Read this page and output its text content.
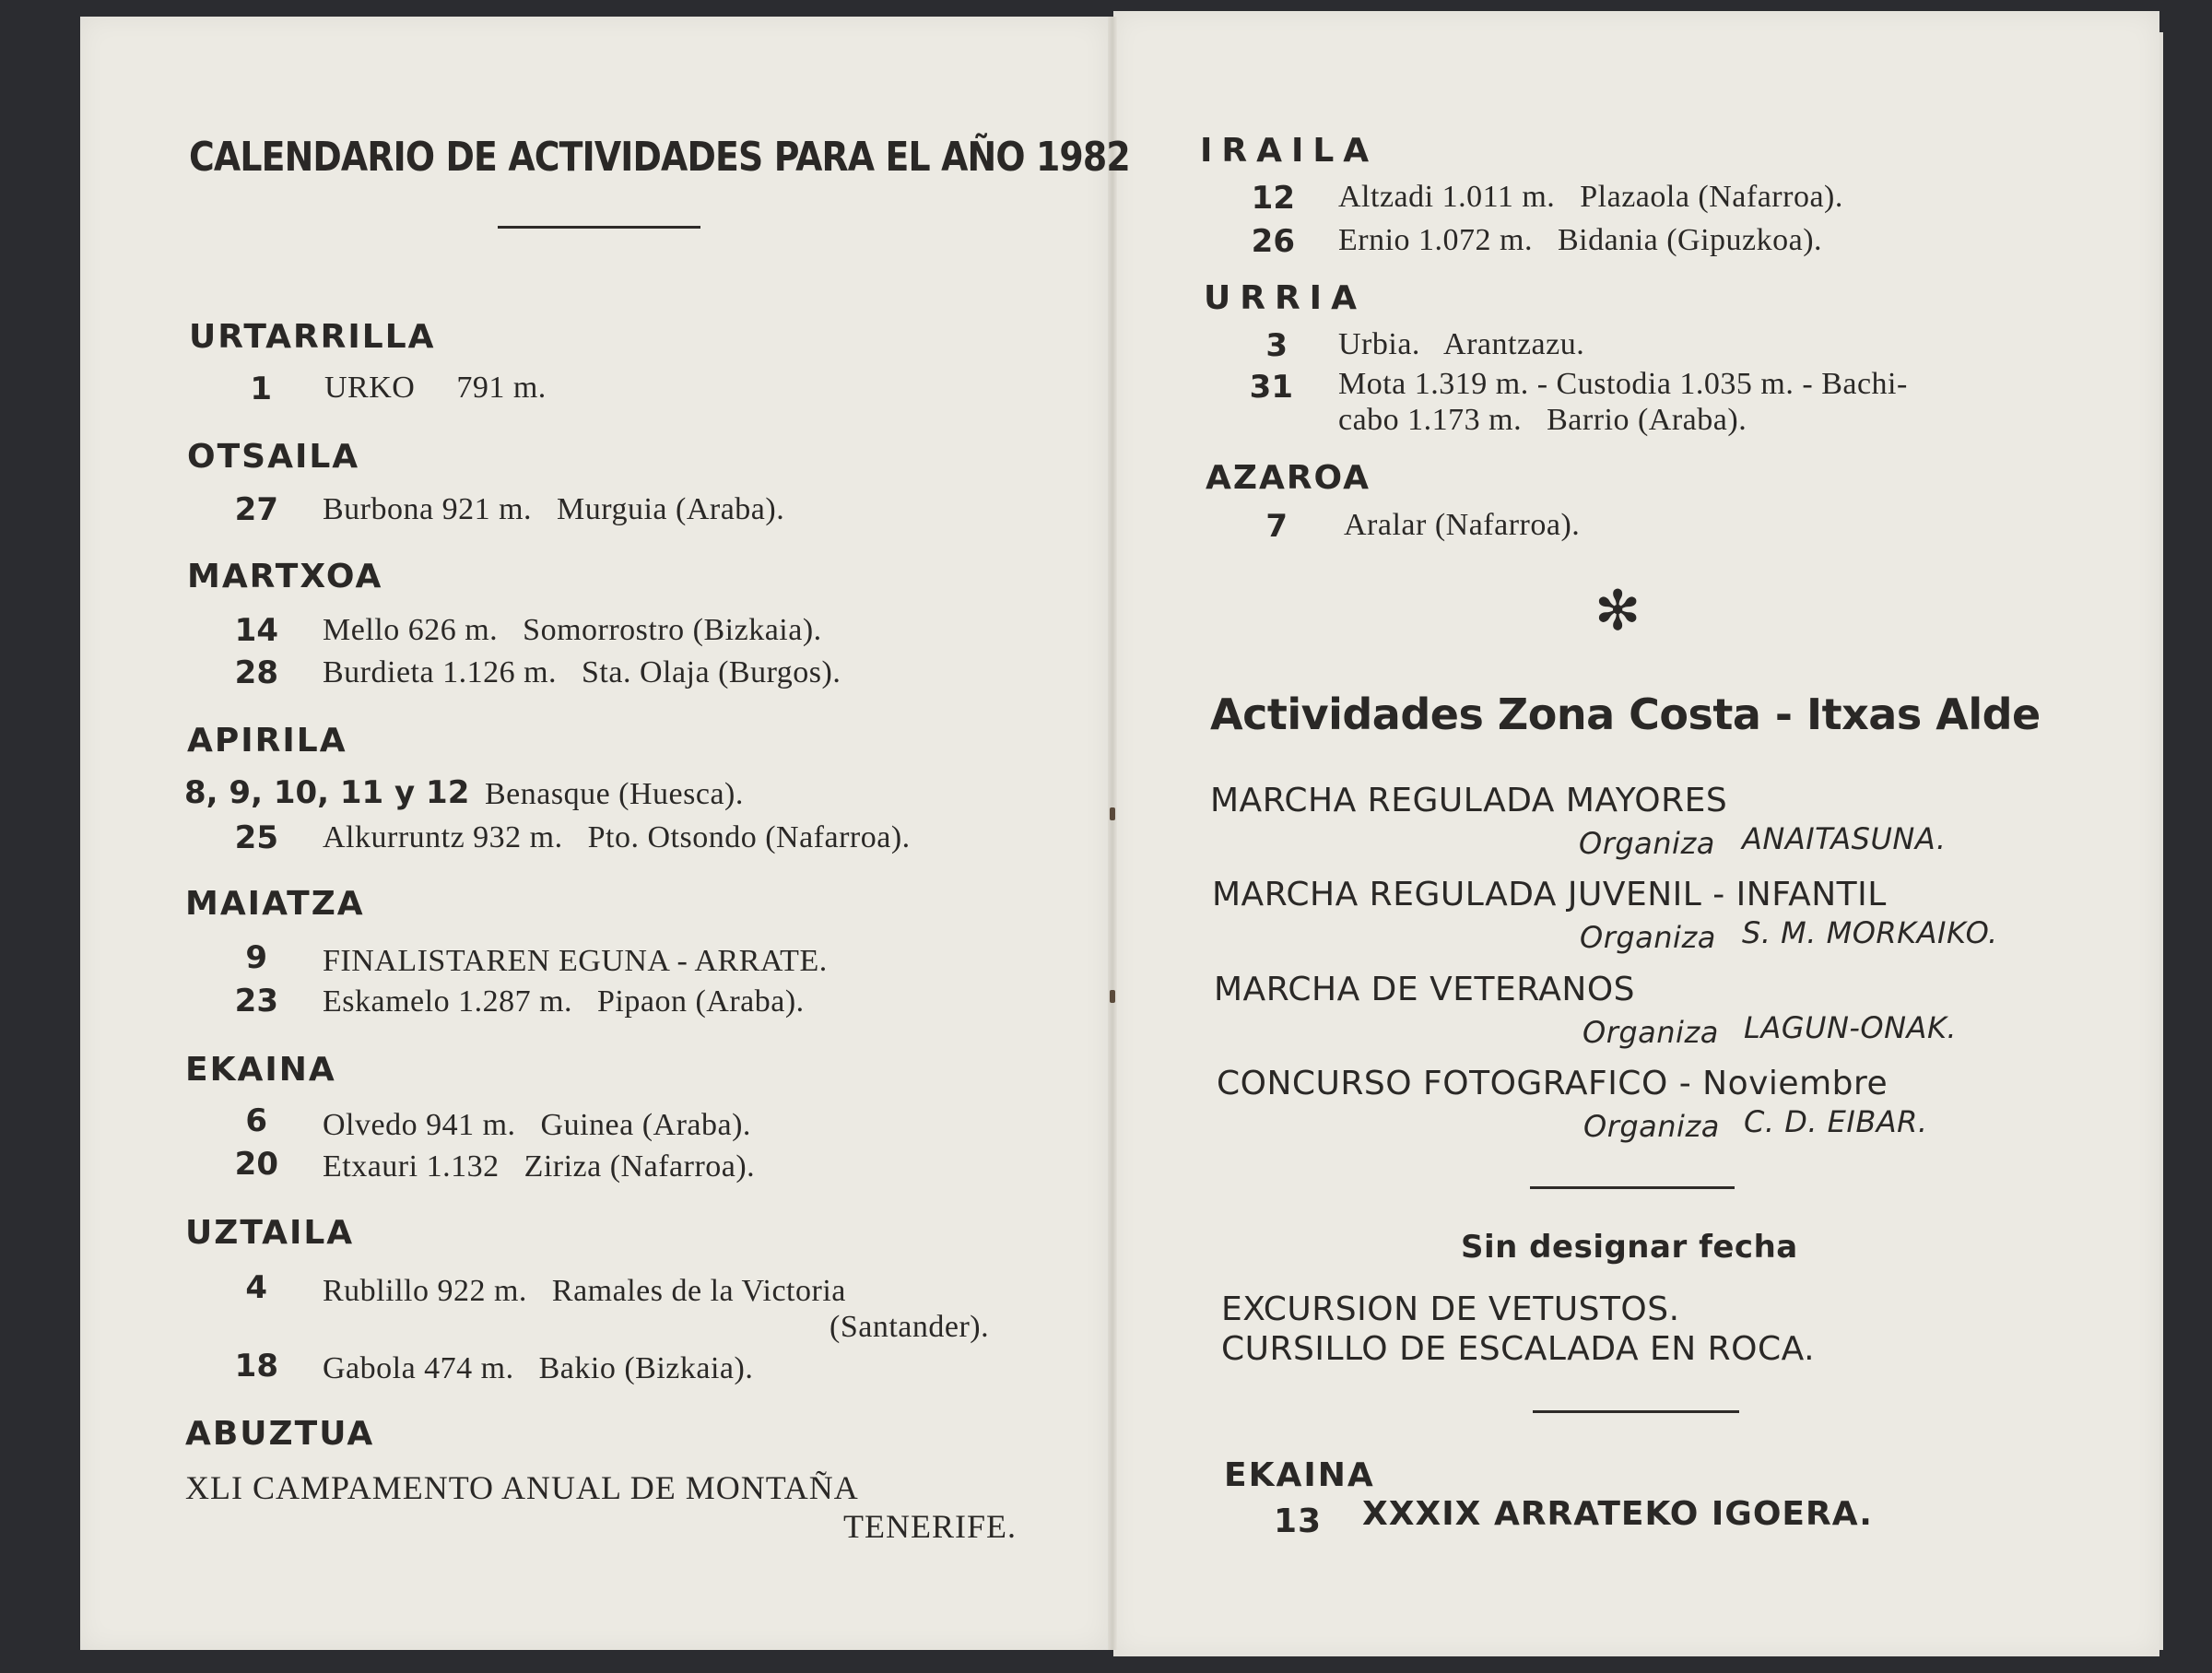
CALENDARIO DE ACTIVIDADES PARA EL AÑO 1982
URTARRILLA
1 URKO     791 m.
OTSAILA
27 Burbona 921 m.   Murguia (Araba).
MARTXOA
14 Mello 626 m.   Somorrostro (Bizkaia).
28 Burdieta 1.126 m.   Sta. Olaja (Burgos).
APIRILA
8, 9, 10, 11 y 12 Benasque (Huesca).
25 Alkurruntz 932 m.   Pto. Otsondo (Nafarroa).
MAIATZA
9 FINALISTAREN EGUNA - ARRATE.
23 Eskamelo 1.287 m.   Pipaon (Araba).
EKAINA
6 Olvedo 941 m.   Guinea (Araba).
20 Etxauri 1.132   Ziriza (Nafarroa).
UZTAILA
4 Rublillo 922 m.   Ramales de la Victoria
(Santander).
18 Gabola 474 m.   Bakio (Bizkaia).
ABUZTUA
XLI CAMPAMENTO ANUAL DE MONTAÑA
TENERIFE.
IRAILA
12 Altzadi 1.011 m.   Plazaola (Nafarroa).
26 Ernio 1.072 m.   Bidania (Gipuzkoa).
URRIA
3 Urbia.   Arantzazu.
31 Mota 1.319 m. - Custodia 1.035 m. - Bachi-
cabo 1.173 m.   Barrio (Araba).
AZAROA
7 Aralar (Nafarroa).
✻
Actividades Zona Costa - Itxas Alde
MARCHA REGULADA MAYORES
Organiza ANAITASUNA.
MARCHA REGULADA JUVENIL - INFANTIL
Organiza S. M. MORKAIKO.
MARCHA DE VETERANOS
Organiza LAGUN-ONAK.
CONCURSO FOTOGRAFICO - Noviembre
Organiza C. D. EIBAR.
Sin designar fecha
EXCURSION DE VETUSTOS.
CURSILLO DE ESCALADA EN ROCA.
EKAINA
13 XXXIX ARRATEKO IGOERA.
